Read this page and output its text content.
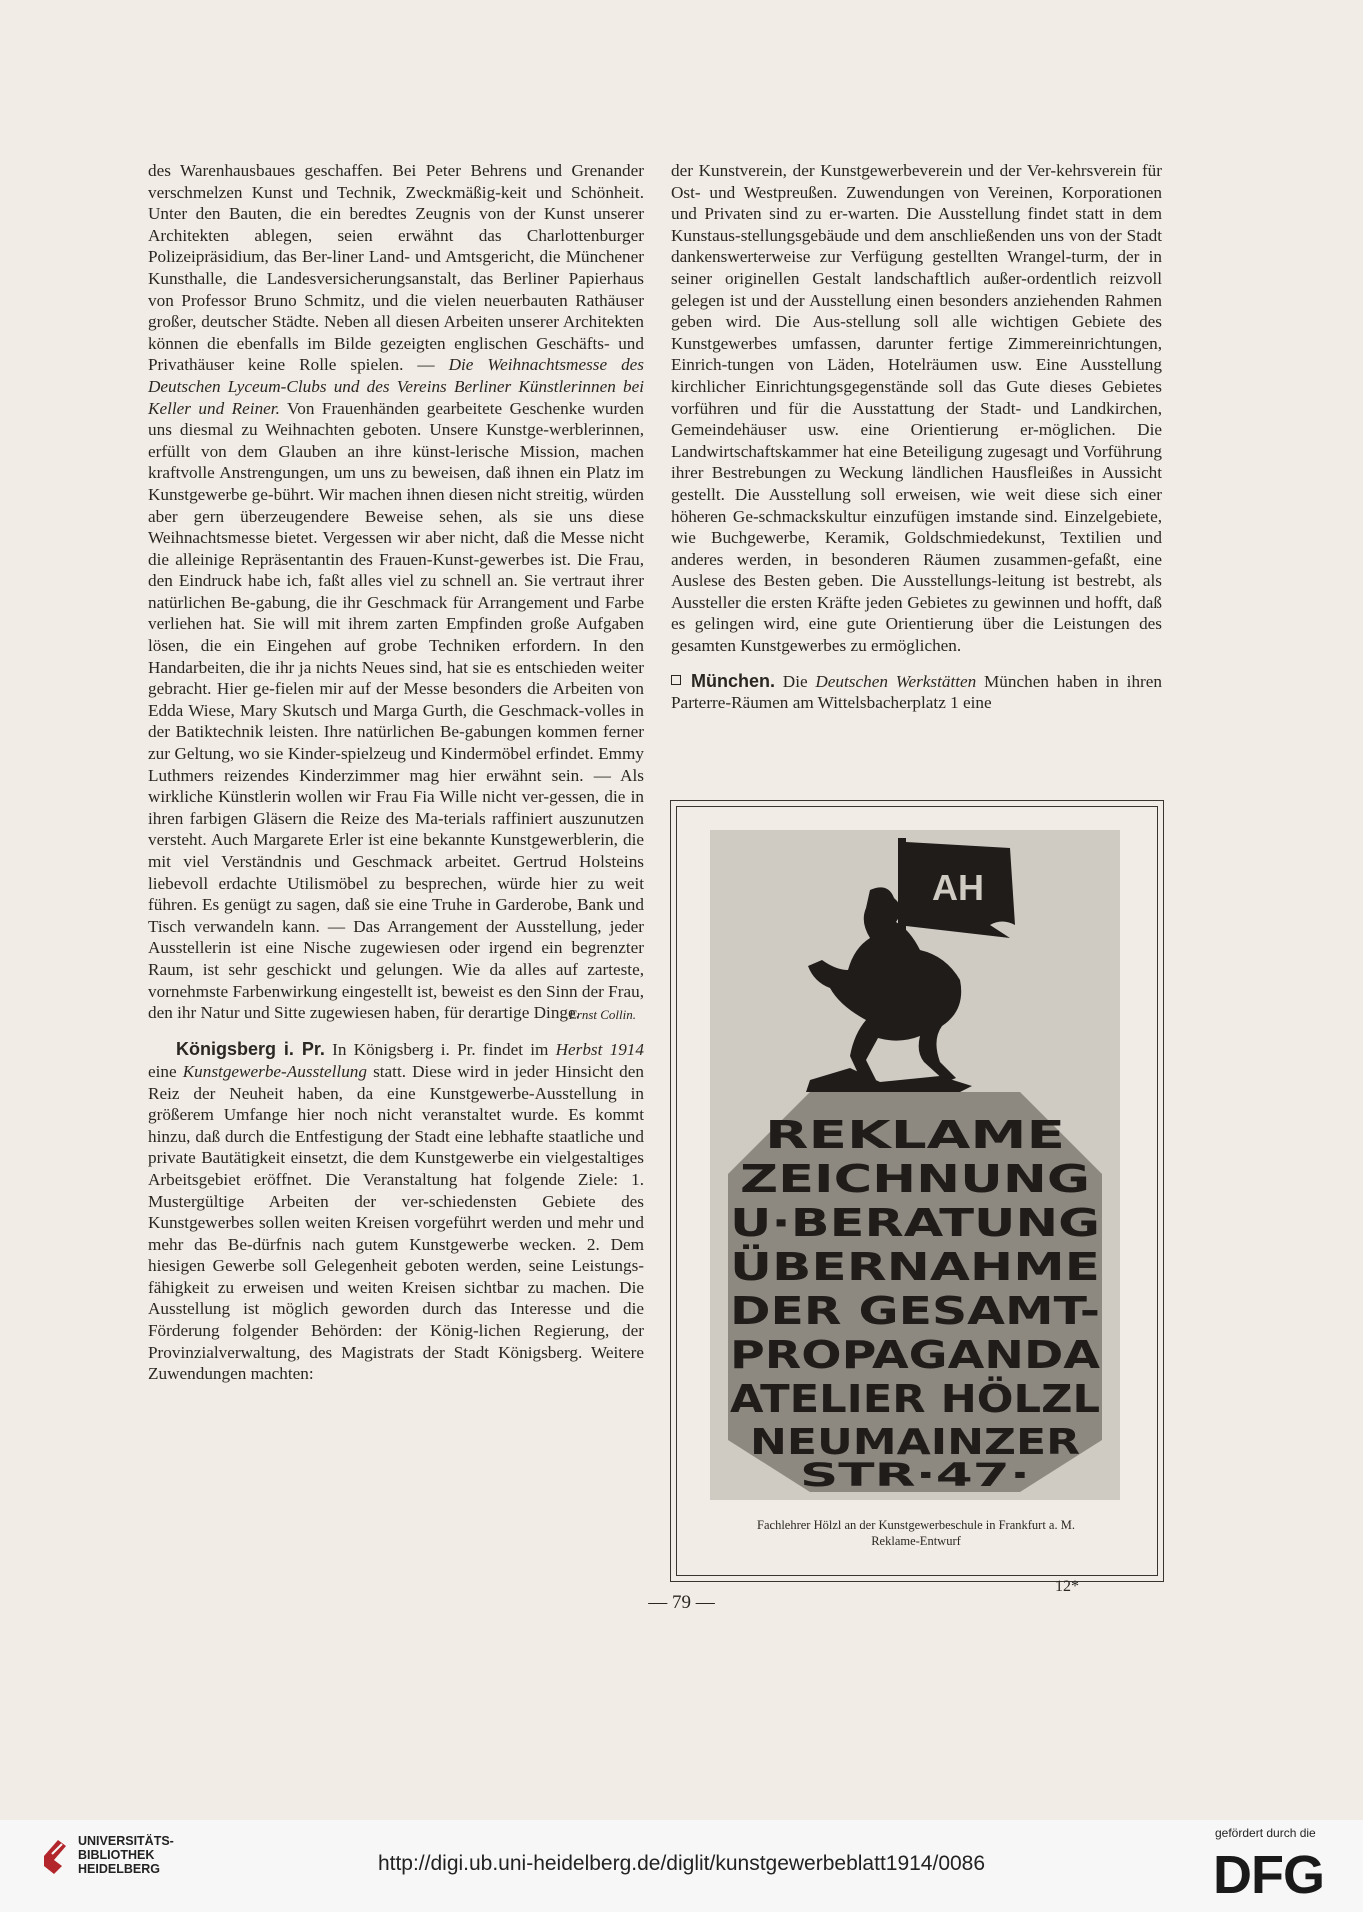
des Warenhausbaues geschaffen. Bei Peter Behrens und Grenander verschmelzen Kunst und Technik, Zweckmäßig-keit und Schönheit. Unter den Bauten, die ein beredtes Zeugnis von der Kunst unserer Architekten ablegen, seien erwähnt das Charlottenburger Polizeipräsidium, das Ber-liner Land- und Amtsgericht, die Münchener Kunsthalle, die Landesversicherungsanstalt, das Berliner Papierhaus von Professor Bruno Schmitz, und die vielen neuerbauten Rathäuser großer, deutscher Städte. Neben all diesen Arbeiten unserer Architekten können die ebenfalls im Bilde gezeigten englischen Geschäfts- und Privathäuser keine Rolle spielen. — Die Weihnachtsmesse des Deutschen Lyceum-Clubs und des Vereins Berliner Künstlerinnen bei Keller und Reiner. Von Frauenhänden gearbeitete Geschenke wurden uns diesmal zu Weihnachten geboten. Unsere Kunstge-werblerinnen, erfüllt von dem Glauben an ihre künst-lerische Mission, machen kraftvolle Anstrengungen, um uns zu beweisen, daß ihnen ein Platz im Kunstgewerbe ge-bührt. Wir machen ihnen diesen nicht streitig, würden aber gern überzeugendere Beweise sehen, als sie uns diese Weihnachtsmesse bietet. Vergessen wir aber nicht, daß die Messe nicht die alleinige Repräsentantin des Frauen-Kunst-gewerbes ist. Die Frau, den Eindruck habe ich, faßt alles viel zu schnell an. Sie vertraut ihrer natürlichen Be-gabung, die ihr Geschmack für Arrangement und Farbe verliehen hat. Sie will mit ihrem zarten Empfinden große Aufgaben lösen, die ein Eingehen auf grobe Techniken erfordern. In den Handarbeiten, die ihr ja nichts Neues sind, hat sie es entschieden weiter gebracht. Hier ge-fielen mir auf der Messe besonders die Arbeiten von Edda Wiese, Mary Skutsch und Marga Gurth, die Geschmack-volles in der Batiktechnik leisten. Ihre natürlichen Be-gabungen kommen ferner zur Geltung, wo sie Kinder-spielzeug und Kindermöbel erfindet. Emmy Luthmers reizendes Kinderzimmer mag hier erwähnt sein. — Als wirkliche Künstlerin wollen wir Frau Fia Wille nicht ver-gessen, die in ihren farbigen Gläsern die Reize des Ma-terials raffiniert auszunutzen versteht. Auch Margarete Erler ist eine bekannte Kunstgewerblerin, die mit viel Verständnis und Geschmack arbeitet. Gertrud Holsteins liebevoll erdachte Utilismöbel zu besprechen, würde hier zu weit führen. Es genügt zu sagen, daß sie eine Truhe in Garderobe, Bank und Tisch verwandeln kann. — Das Arrangement der Ausstellung, jeder Ausstellerin ist eine Nische zugewiesen oder irgend ein begrenzter Raum, ist sehr geschickt und gelungen. Wie da alles auf zarteste, vornehmste Farbenwirkung eingestellt ist, beweist es den Sinn der Frau, den ihr Natur und Sitte zugewiesen haben, für derartige Dinge.

Ernst Collin.

Königsberg i. Pr. In Königsberg i. Pr. findet im Herbst 1914 eine Kunstgewerbe-Ausstellung statt. Diese wird in jeder Hinsicht den Reiz der Neuheit haben, da eine Kunstgewerbe-Ausstellung in größerem Umfange hier noch nicht veranstaltet wurde. Es kommt hinzu, daß durch die Entfestigung der Stadt eine lebhafte staatliche und private Bautätigkeit einsetzt, die dem Kunstgewerbe ein vielgestaltiges Arbeitsgebiet eröffnet. Die Veranstaltung hat folgende Ziele: 1. Mustergültige Arbeiten der ver-schiedensten Gebiete des Kunstgewerbes sollen weiten Kreisen vorgeführt werden und mehr und mehr das Be-dürfnis nach gutem Kunstgewerbe wecken. 2. Dem hiesigen Gewerbe soll Gelegenheit geboten werden, seine Leistungs-fähigkeit zu erweisen und weiten Kreisen sichtbar zu machen. Die Ausstellung ist möglich geworden durch das Interesse und die Förderung folgender Behörden: der König-lichen Regierung, der Provinzialverwaltung, des Magistrats der Stadt Königsberg. Weitere Zuwendungen machten:

der Kunstverein, der Kunstgewerbeverein und der Ver-kehrsverein für Ost- und Westpreußen. Zuwendungen von Vereinen, Korporationen und Privaten sind zu er-warten. Die Ausstellung findet statt in dem Kunstaus-stellungsgebäude und dem anschließenden uns von der Stadt dankenswerterweise zur Verfügung gestellten Wrangel-turm, der in seiner originellen Gestalt landschaftlich außer-ordentlich reizvoll gelegen ist und der Ausstellung einen besonders anziehenden Rahmen geben wird. Die Aus-stellung soll alle wichtigen Gebiete des Kunstgewerbes umfassen, darunter fertige Zimmereinrichtungen, Einrich-tungen von Läden, Hotelräumen usw. Eine Ausstellung kirchlicher Einrichtungsgegenstände soll das Gute dieses Gebietes vorführen und für die Ausstattung der Stadt- und Landkirchen, Gemeindehäuser usw. eine Orientierung er-möglichen. Die Landwirtschaftskammer hat eine Beteiligung zugesagt und Vorführung ihrer Bestrebungen zu Weckung ländlichen Hausfleißes in Aussicht gestellt. Die Ausstellung soll erweisen, wie weit diese sich einer höheren Ge-schmackskultur einzufügen imstande sind. Einzelgebiete, wie Buchgewerbe, Keramik, Goldschmiedekunst, Textilien und anderes werden, in besonderen Räumen zusammen-gefaßt, eine Auslese des Besten geben. Die Ausstellungs-leitung ist bestrebt, als Aussteller die ersten Kräfte jeden Gebietes zu gewinnen und hofft, daß es gelingen wird, eine gute Orientierung über die Leistungen des gesamten Kunstgewerbes zu ermöglichen.

München. Die Deutschen Werkstätten München haben in ihren Parterre-Räumen am Wittelsbacherplatz 1 eine

AH
REKLAME
ZEICHNUNG
U∙BERATUNG
ÜBERNAHME
DER GESAMT-
PROPAGANDA
ATELIER HÖLZL
NEUMAINZER
STR∙47∙
Fachlehrer Hölzl an der Kunstgewerbeschule in Frankfurt a. M.
Reklame-Entwurf
— 79 —
12*
UNIVERSITÄTS-
BIBLIOTHEK
HEIDELBERG	http://digi.ub.uni-heidelberg.de/diglit/kunstgewerbeblatt1914/0086
gefördert durch die
DFG
